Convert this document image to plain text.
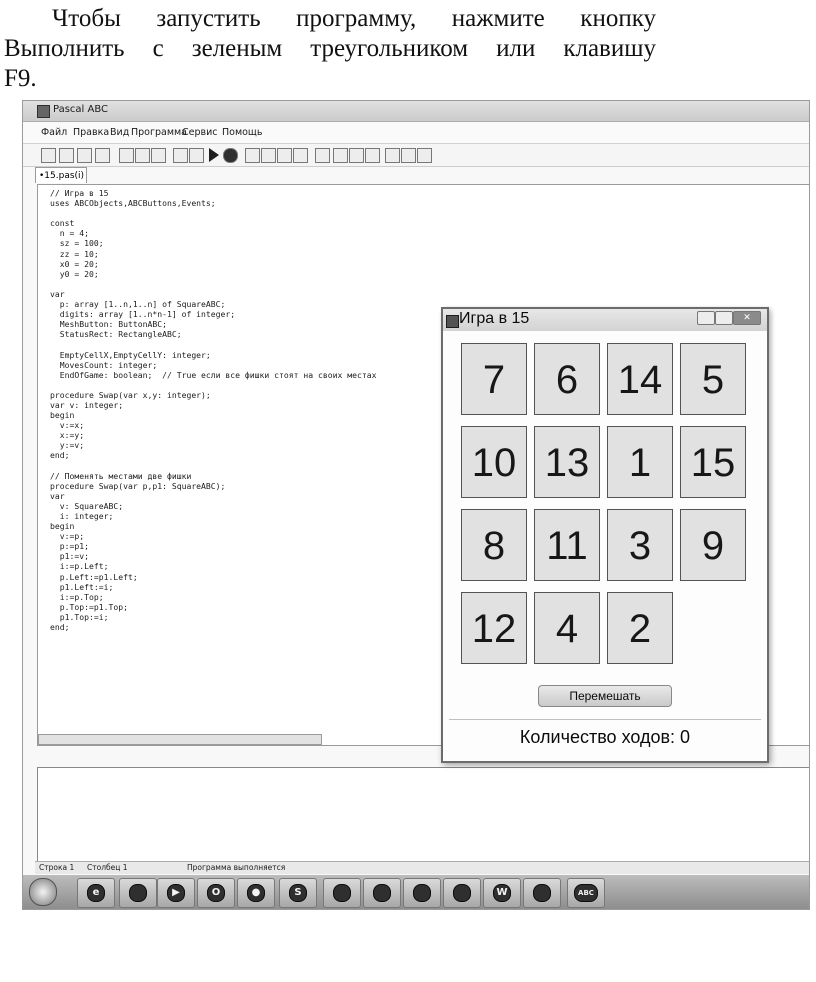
Чтобы запустить программу, нажмите кнопку
Выполнить с зеленым треугольником или клавишу
F9.
Pascal ABC
Файл Правка Вид Программа
Сервис Помощь
•15.pas(i)
// Игра в 15
uses ABCObjects,ABCButtons,Events;

const
n = 4;
sz = 100;
zz = 10;
x0 = 20;
y0 = 20;

var
p: array [1..n,1..n] of SquareABC;
digits: array [1..n*n-1] of integer;
MeshButton: ButtonABC;
StatusRect: RectangleABC;

EmptyCellX,EmptyCellY: integer;
MovesCount: integer;
EndOfGame: boolean;  // True если все фишки стоят на своих местах

procedure Swap(var x,y: integer);
var v: integer;
begin
v:=x;
x:=y;
y:=v;
end;

// Поменять местами две фишки
procedure Swap(var p,p1: SquareABC);
var
v: SquareABC;
i: integer;
begin
v:=p;
p:=p1;
p1:=v;
i:=p.Left;
p.Left:=p1.Left;
p1.Left:=i;
i:=p.Top;
p.Top:=p1.Top;
p1.Top:=i;
end;
Строка 1 Столбец 1	Программа выполняется
e	▶	O	●	S	W	ABC
Игра в 15	✕
7	6 14 5
10 13 1 15
8	11	3	9
12 4	2
Перемешать
Количество ходов: 0
